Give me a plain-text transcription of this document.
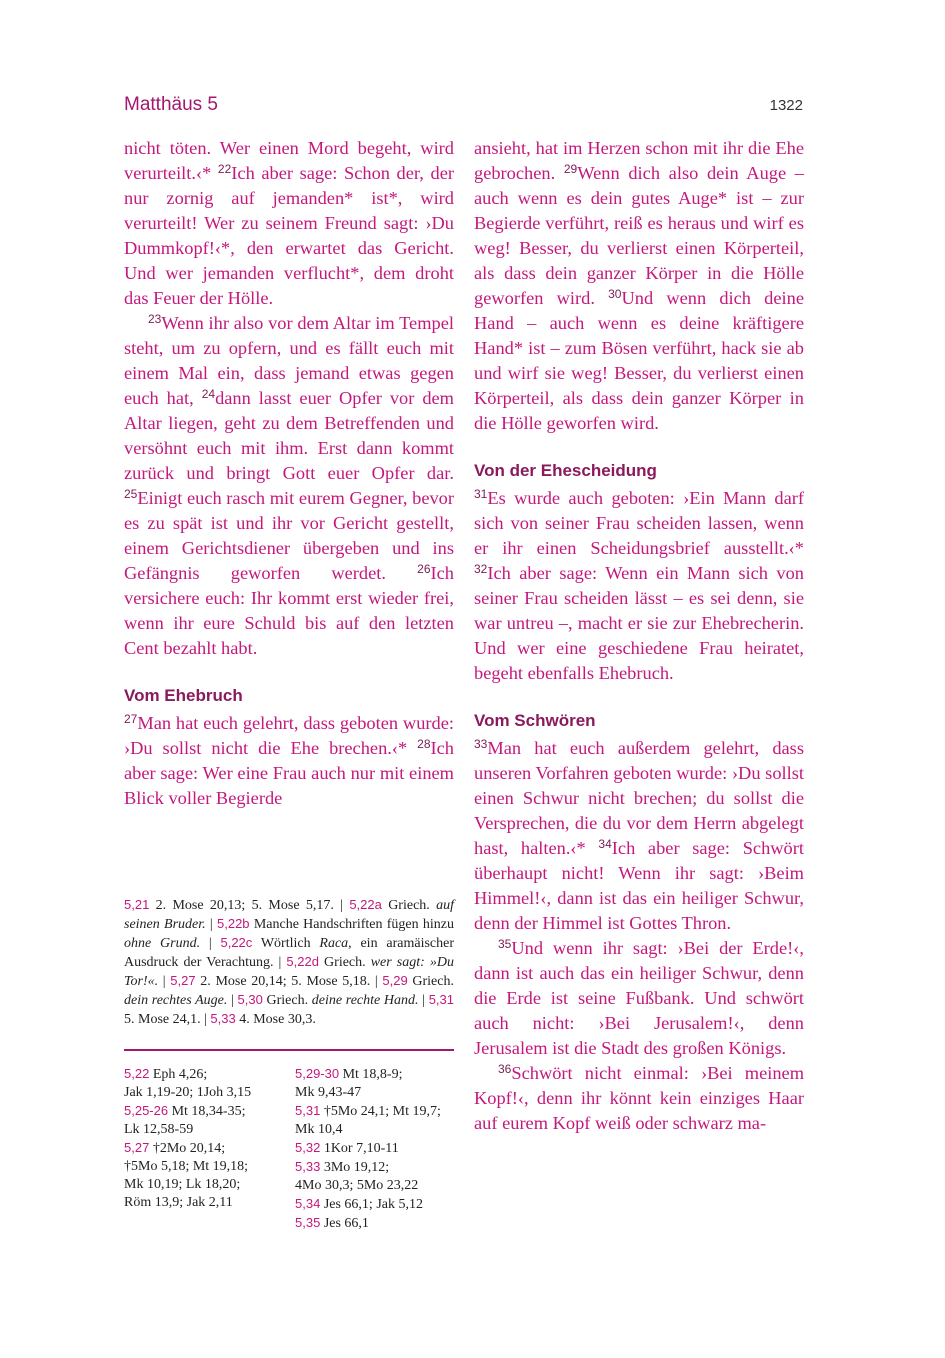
Matthäus 5	1322

nicht töten. Wer einen Mord begeht, wird verurteilt.‹* $^{22}$Ich aber sage: Schon der, der nur zornig auf jemanden* ist*, wird verurteilt! Wer zu seinem Freund sagt: ›Du Dummkopf!‹*, den erwartet das Gericht. Und wer jemanden verflucht*, dem droht das Feuer der Hölle.

$^{23}$Wenn ihr also vor dem Altar im Tempel steht, um zu opfern, und es fällt euch mit einem Mal ein, dass jemand etwas gegen euch hat, $^{24}$dann lasst euer Opfer vor dem Altar liegen, geht zu dem Betreffenden und versöhnt euch mit ihm. Erst dann kommt zurück und bringt Gott euer Opfer dar. $^{25}$Einigt euch rasch mit eurem Gegner, bevor es zu spät ist und ihr vor Gericht gestellt, einem Gerichtsdiener übergeben und ins Gefängnis geworfen werdet. $^{26}$Ich versichere euch: Ihr kommt erst wieder frei, wenn ihr eure Schuld bis auf den letzten Cent bezahlt habt.

Vom Ehebruch

$^{27}$Man hat euch gelehrt, dass geboten wurde: ›Du sollst nicht die Ehe brechen.‹* $^{28}$Ich aber sage: Wer eine Frau auch nur mit einem Blick voller Begierde

ansieht, hat im Herzen schon mit ihr die Ehe gebrochen. $^{29}$Wenn dich also dein Auge – auch wenn es dein gutes Auge* ist – zur Begierde verführt, reiß es heraus und wirf es weg! Besser, du verlierst einen Körperteil, als dass dein ganzer Körper in die Hölle geworfen wird. $^{30}$Und wenn dich deine Hand – auch wenn es deine kräftigere Hand* ist – zum Bösen verführt, hack sie ab und wirf sie weg! Besser, du verlierst einen Körperteil, als dass dein ganzer Körper in die Hölle geworfen wird.

Von der Ehescheidung

$^{31}$Es wurde auch geboten: ›Ein Mann darf sich von seiner Frau scheiden lassen, wenn er ihr einen Scheidungsbrief ausstellt.‹* $^{32}$Ich aber sage: Wenn ein Mann sich von seiner Frau scheiden lässt – es sei denn, sie war untreu –, macht er sie zur Ehebrecherin. Und wer eine geschiedene Frau heiratet, begeht ebenfalls Ehebruch.

Vom Schwören

$^{33}$Man hat euch außerdem gelehrt, dass unseren Vorfahren geboten wurde: ›Du sollst einen Schwur nicht brechen; du sollst die Versprechen, die du vor dem Herrn abgelegt hast, halten.‹* $^{34}$Ich aber sage: Schwört überhaupt nicht! Wenn ihr sagt: ›Beim Himmel!‹, dann ist das ein heiliger Schwur, denn der Himmel ist Gottes Thron.

$^{35}$Und wenn ihr sagt: ›Bei der Erde!‹, dann ist auch das ein heiliger Schwur, denn die Erde ist seine Fußbank. Und schwört auch nicht: ›Bei Jerusalem!‹, denn Jerusalem ist die Stadt des großen Königs.

$^{36}$Schwört nicht einmal: ›Bei meinem Kopf!‹, denn ihr könnt kein einziges Haar auf eurem Kopf weiß oder schwarz ma-

5,21 2. Mose 20,13; 5. Mose 5,17. | 5,22a Griech. auf seinen Bruder. | 5,22b Manche Handschriften fügen hinzu ohne Grund. | 5,22c Wörtlich Raca, ein aramäischer Ausdruck der Verachtung. | 5,22d Griech. wer sagt: »Du Tor!«. | 5,27 2. Mose 20,14; 5. Mose 5,18. | 5,29 Griech. dein rechtes Auge. | 5,30 Griech. deine rechte Hand. | 5,31 5. Mose 24,1. | 5,33 4. Mose 30,3.
5,22 Eph 4,26;
Jak 1,19-20; 1Joh 3,15
5,25-26 Mt 18,34-35;
Lk 12,58-59
5,27 †2Mo 20,14;
†5Mo 5,18; Mt 19,18;
Mk 10,19; Lk 18,20;
Röm 13,9; Jak 2,11
5,29-30 Mt 18,8-9;
Mk 9,43-47
5,31 †5Mo 24,1; Mt 19,7;
Mk 10,4
5,32 1Kor 7,10-11
5,33 3Mo 19,12;
4Mo 30,3; 5Mo 23,22
5,34 Jes 66,1; Jak 5,12
5,35 Jes 66,1
